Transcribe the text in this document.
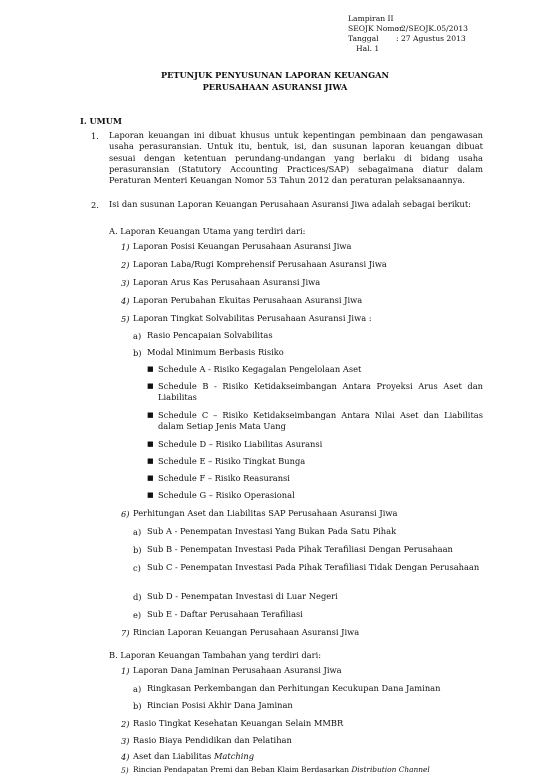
Lampiran II
SEOJK Nomor: 2/SEOJK.05/2013
Tanggal : 27 Agustus 2013
Hal. 1
PETUNJUK PENYUSUNAN LAPORAN KEUANGAN
PERUSAHAAN ASURANSI JIWA
I. UMUM
1. Laporan keuangan ini dibuat khusus untuk kepentingan pembinaan dan pengawasan usaha perasuransian. Untuk itu, bentuk, isi, dan susunan laporan keuangan dibuat sesuai dengan ketentuan perundang-undangan yang berlaku di bidang usaha perasuransian (Statutory Accounting Practices/SAP) sebagaimana diatur dalam Peraturan Menteri Keuangan Nomor 53 Tahun 2012 dan peraturan pelaksanaannya.
2. Isi dan susunan Laporan Keuangan Perusahaan Asuransi Jiwa adalah sebagai berikut:
A. Laporan Keuangan Utama yang terdiri dari:
1) Laporan Posisi Keuangan Perusahaan Asuransi Jiwa
2) Laporan Laba/Rugi Komprehensif Perusahaan Asuransi Jiwa
3) Laporan Arus Kas Perusahaan Asuransi Jiwa
4) Laporan Perubahan Ekuitas Perusahaan Asuransi Jiwa
5) Laporan Tingkat Solvabilitas Perusahaan Asuransi Jiwa :
a) Rasio Pencapaian Solvabilitas
b) Modal Minimum Berbasis Risiko
■ Schedule A - Risiko Kegagalan Pengelolaan Aset
■ Schedule B - Risiko Ketidakseimbangan Antara Proyeksi Arus Aset dan Liabilitas
■ Schedule C – Risiko Ketidakseimbangan Antara Nilai Aset dan Liabilitas dalam Setiap Jenis Mata Uang
■ Schedule D – Risiko Liabilitas Asuransi
■ Schedule E – Risiko Tingkat Bunga
■ Schedule F – Risiko Reasuransi
■ Schedule G – Risiko Operasional
6) Perhitungan Aset dan Liabilitas SAP Perusahaan Asuransi Jiwa
a) Sub A - Penempatan Investasi Yang Bukan Pada Satu Pihak
b) Sub B - Penempatan Investasi Pada Pihak Terafiliasi Dengan Perusahaan
c) Sub C - Penempatan Investasi Pada Pihak Terafiliasi Tidak Dengan Perusahaan
d) Sub D - Penempatan Investasi di Luar Negeri
e) Sub E - Daftar Perusahaan Terafiliasi
7) Rincian Laporan Keuangan Perusahaan Asuransi Jiwa
B. Laporan Keuangan Tambahan yang terdiri dari:
1) Laporan Dana Jaminan Perusahaan Asuransi Jiwa
a) Ringkasan Perkembangan dan Perhitungan Kecukupan Dana Jaminan
b) Rincian Posisi Akhir Dana Jaminan
2) Rasio Tingkat Kesehatan Keuangan Selain MMBR
3) Rasio Biaya Pendidikan dan Pelatihan
4) Aset dan Liabilitas Matching
5) Rincian Pendapatan Premi dan Beban Klaim Berdasarkan Distribution Channel
